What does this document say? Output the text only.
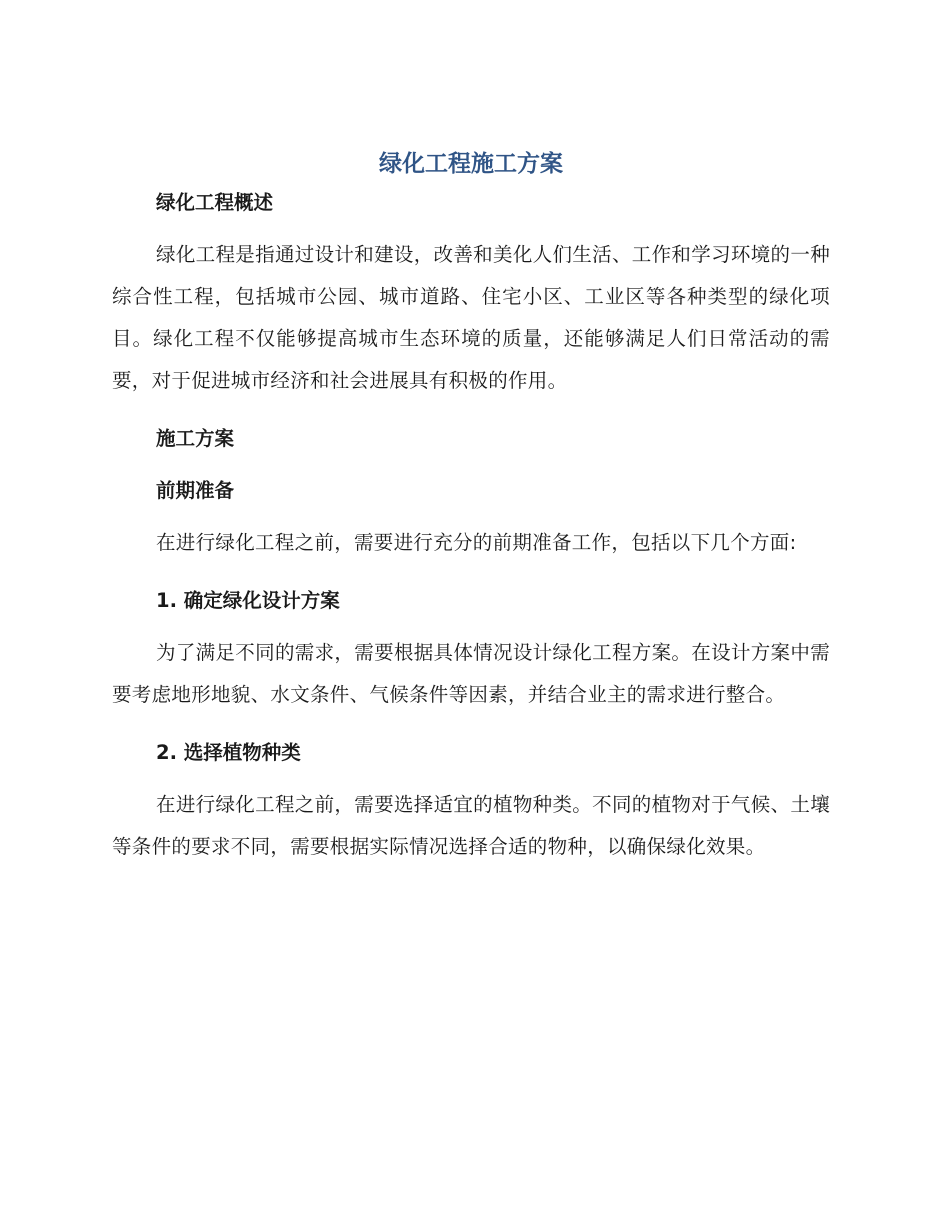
绿化工程施工方案

绿化工程概述

绿化工程是指通过设计和建设，改善和美化人们生活、工作和学习环境的一种综合性工程，包括城市公园、城市道路、住宅小区、工业区等各种类型的绿化项目。绿化工程不仅能够提高城市生态环境的质量，还能够满足人们日常活动的需要，对于促进城市经济和社会进展具有积极的作用。

施工方案

前期准备

在进行绿化工程之前，需要进行充分的前期准备工作，包括以下几个方面:

1. 确定绿化设计方案

为了满足不同的需求，需要根据具体情况设计绿化工程方案。在设计方案中需要考虑地形地貌、水文条件、气候条件等因素，并结合业主的需求进行整合。

2. 选择植物种类

在进行绿化工程之前，需要选择适宜的植物种类。不同的植物对于气候、土壤等条件的要求不同，需要根据实际情况选择合适的物种，以确保绿化效果。
